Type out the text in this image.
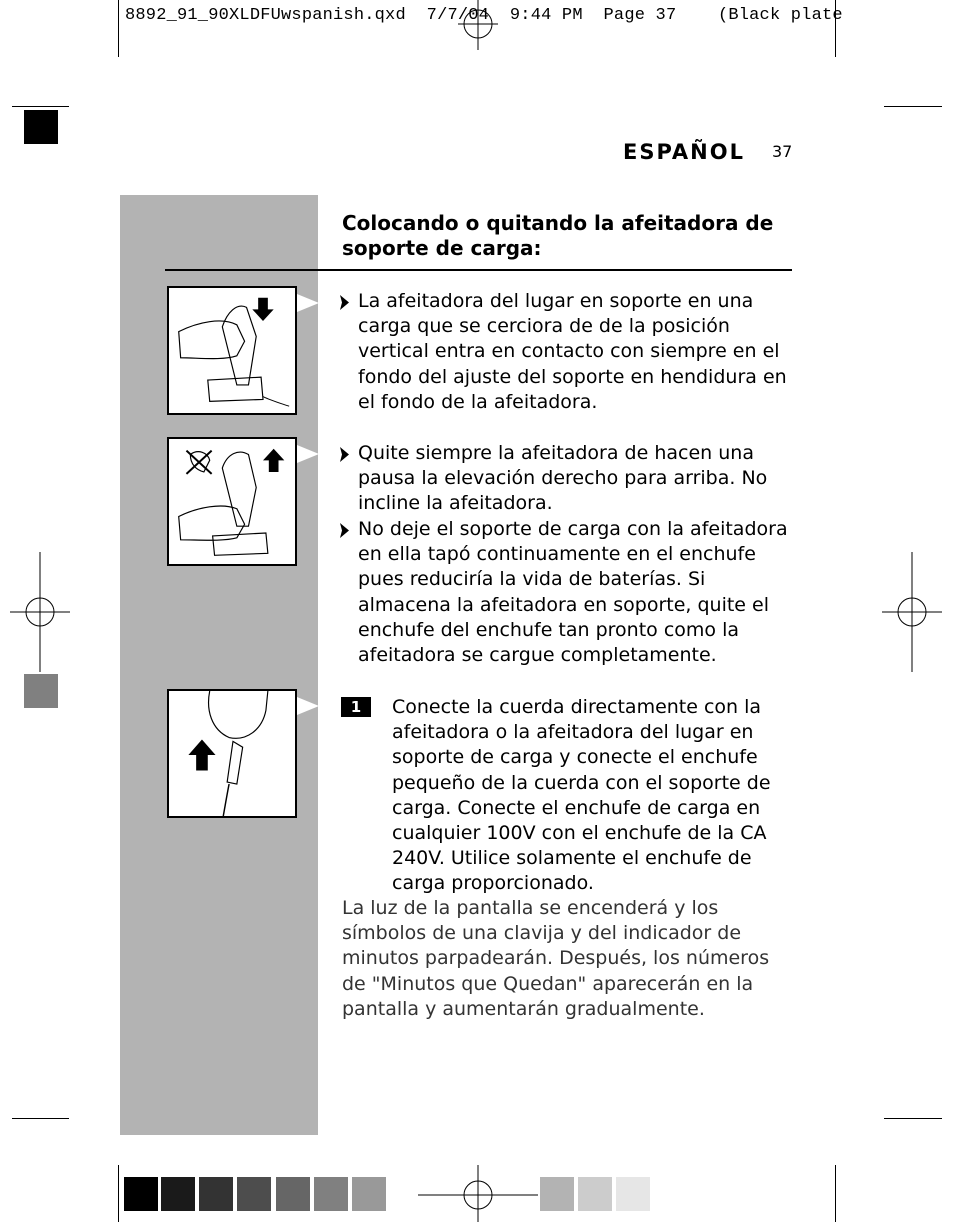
8892_91_90XLDFUwspanish.qxd 7/7/04 9:44 PM Page 37 (Black plate
ESPAÑOL 37
Colocando o quitando la afeitadora de soporte de carga:
La afeitadora del lugar en soporte en una carga que se cerciora de de la posición vertical entra en contacto con siempre en el fondo del ajuste del soporte en hendidura en el fondo de la afeitadora.
Quite siempre la afeitadora de hacen una pausa la elevación derecho para arriba. No incline la afeitadora.
No deje el soporte de carga con la afeitadora en ella tapó continuamente en el enchufe pues reduciría la vida de baterías. Si almacena la afeitadora en soporte, quite el enchufe del enchufe tan pronto como la afeitadora se cargue completamente.
1	Conecte la cuerda directamente con la afeitadora o la afeitadora del lugar en soporte de carga y conecte el enchufe pequeño de la cuerda con el soporte de carga. Conecte el enchufe de carga en cualquier 100V con el enchufe de la CA 240V. Utilice solamente el enchufe de carga proporcionado.
La luz de la pantalla se encenderá y los símbolos de una clavija y del indicador de minutos parpadearán. Después, los números de "Minutos que Quedan" aparecerán en la pantalla y aumentarán gradualmente.
